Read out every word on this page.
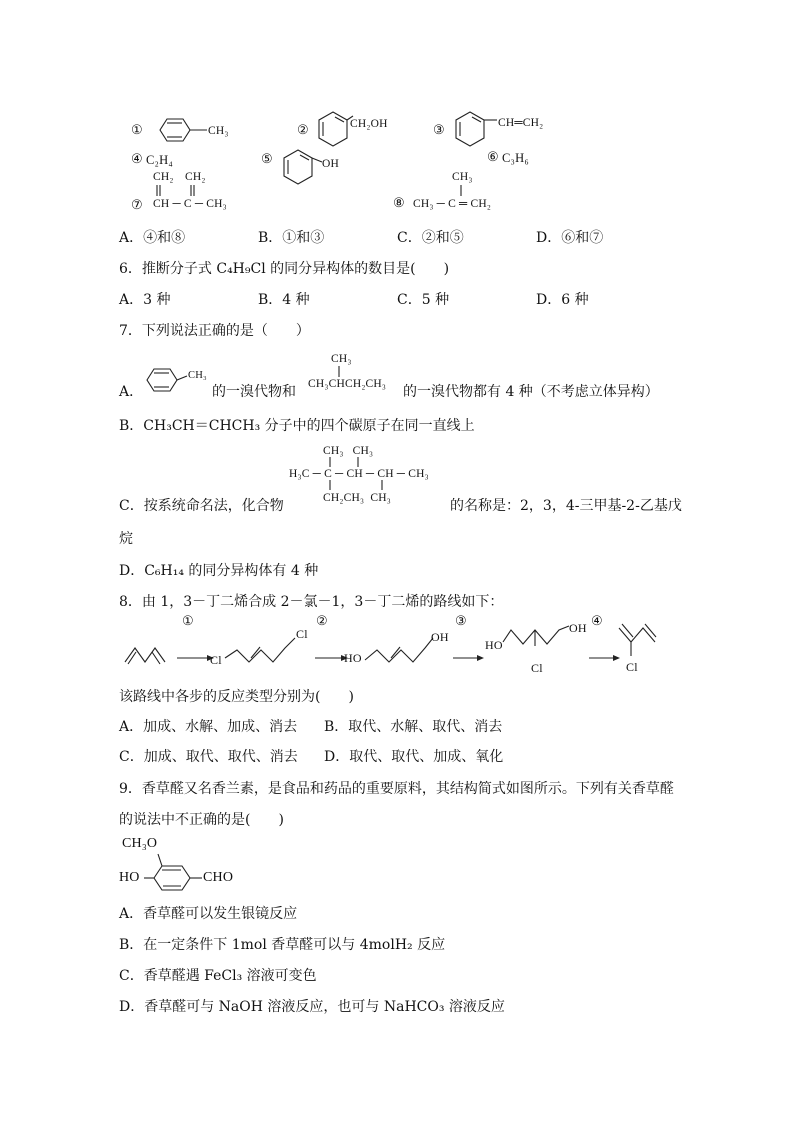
①	CH₃	②	CH₂OH	③	CH═CH₂
④ C₂H₄	⑤	OH	⑥ C₃H₆
CH₂ CH₂
⑦ CH ─ C ─ CH₃
CH₃
⑧ CH₃ ─ C ═ CH₂
A．④和⑧	B．①和③	C．②和⑤	D．⑥和⑦
6．推断分子式 C₄H₉Cl 的同分异构体的数目是(　　)
A．3 种	B．4 种	C．5 种	D．6 种
7．下列说法正确的是（　　）
A．
CH₃
的一溴代物和
CH₃
CH₃CHCH₂CH₃ 的一溴代物都有 4 种（不考虑立体异构）
B．CH₃CH＝CHCH₃ 分子中的四个碳原子在同一直线上
CH₃ CH₃
H₃C ─ C ─ CH ─ CH ─ CH₃
CH₂CH₃  CH₃
C．按系统命名法，化合物	的名称是：2，3，4-三甲基-2-乙基戊
烷
D．C₆H₁₄ 的同分异构体有 4 种
8．由 1，3－丁二烯合成 2－氯－1，3－丁二烯的路线如下：
①
Cl
Cl
②
HO
OH
③
HO
OH
Cl
④
Cl
该路线中各步的反应类型分别为(　　)
A．加成、水解、加成、消去 B．取代、水解、取代、消去
C．加成、取代、取代、消去 D．取代、取代、加成、氧化
9．香草醛又名香兰素，是食品和药品的重要原料，其结构简式如图所示。下列有关香草醛
的说法中不正确的是(　　)
CH₃O
HO	CHO
A．香草醛可以发生银镜反应
B．在一定条件下 1mol 香草醛可以与 4molH₂ 反应
C．香草醛遇 FeCl₃ 溶液可变色
D．香草醛可与 NaOH 溶液反应，也可与 NaHCO₃ 溶液反应
